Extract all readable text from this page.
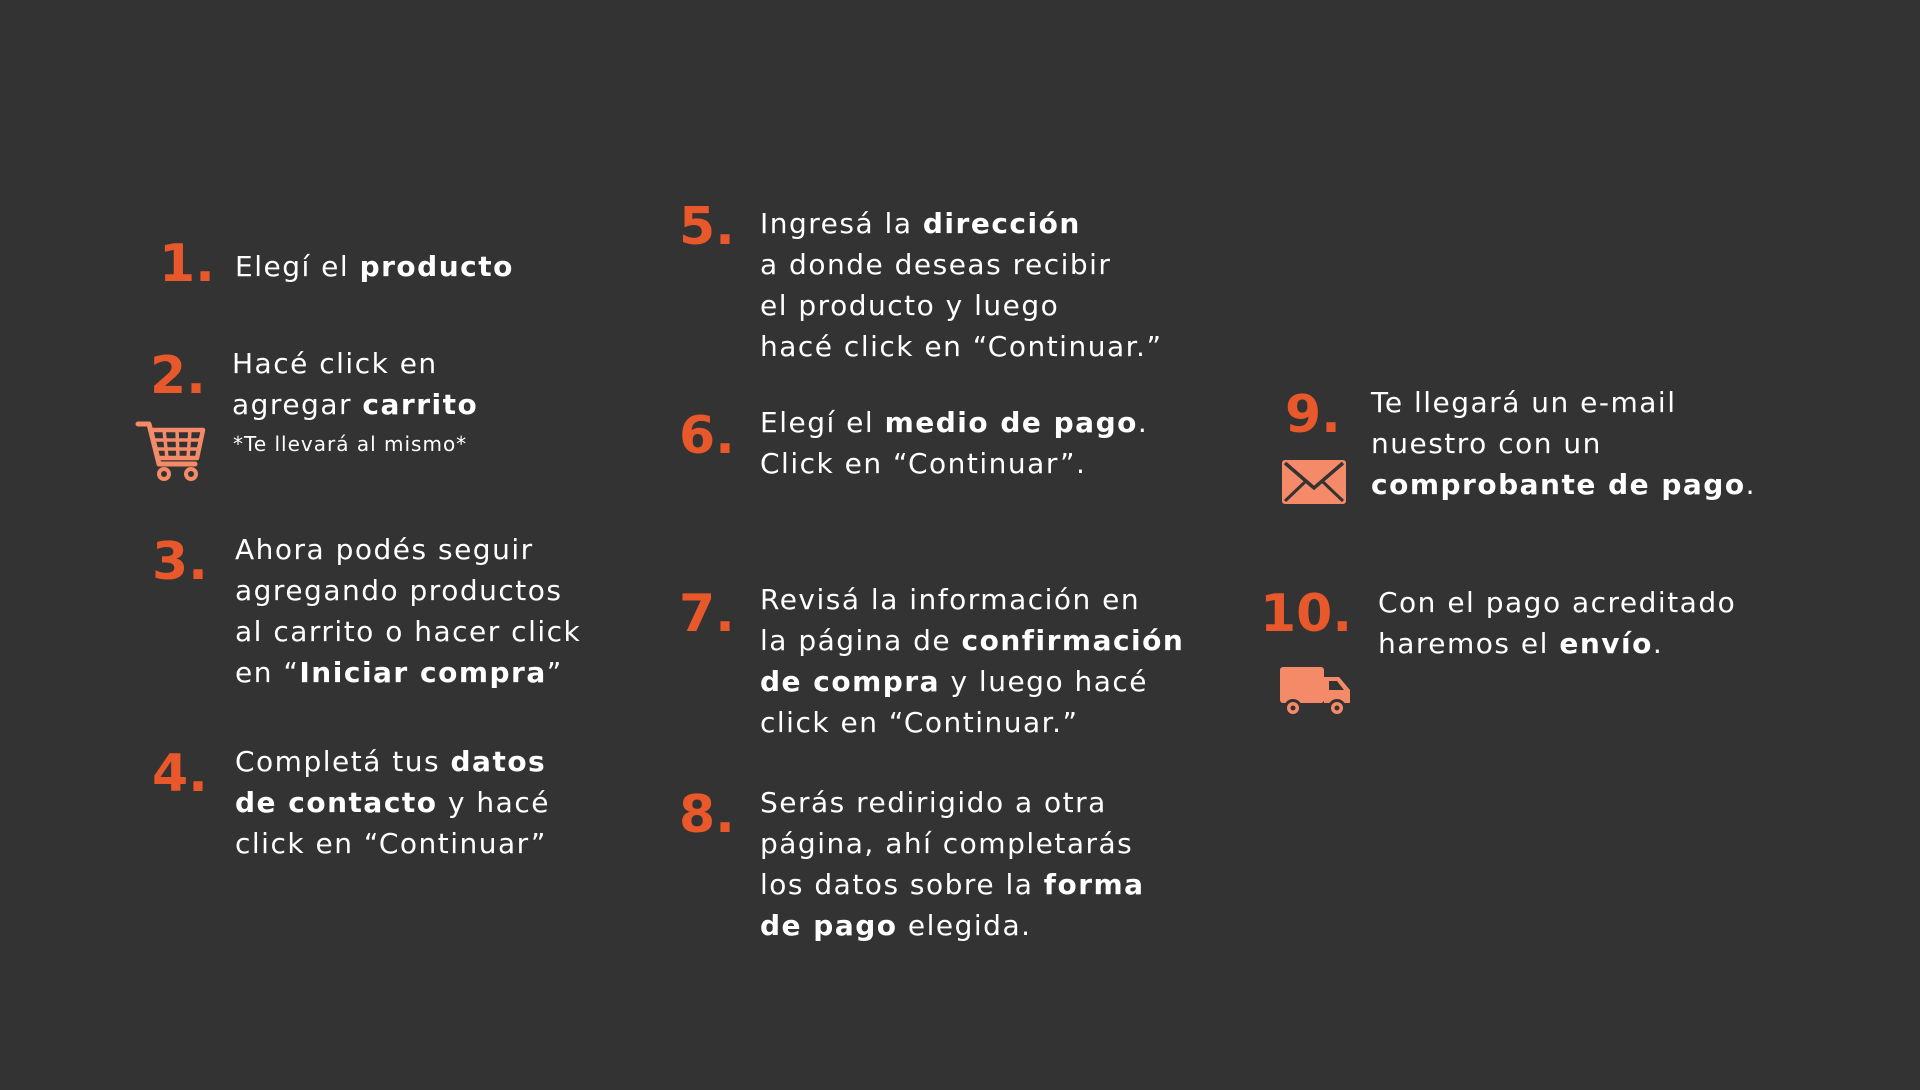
1. Elegí el producto
2. Hacé click en
agregar carrito
*Te llevará al mismo*
3. Ahora podés seguir
agregando productos
al carrito o hacer click
en “Iniciar compra”
4. Completá tus datos
de contacto y hacé
click en “Continuar”
5. Ingresá la dirección
a donde deseas recibir
el producto y luego
hacé click en “Continuar.”
6. Elegí el medio de pago.
Click en “Continuar”.
7. Revisá la información en
la página de confirmación
de compra y luego hacé
click en “Continuar.”
8. Serás redirigido a otra
página, ahí completarás
los datos sobre la forma
de pago elegida.
9. Te llegará un e-mail
nuestro con un
comprobante de pago.
10. Con el pago acreditado
haremos el envío.
